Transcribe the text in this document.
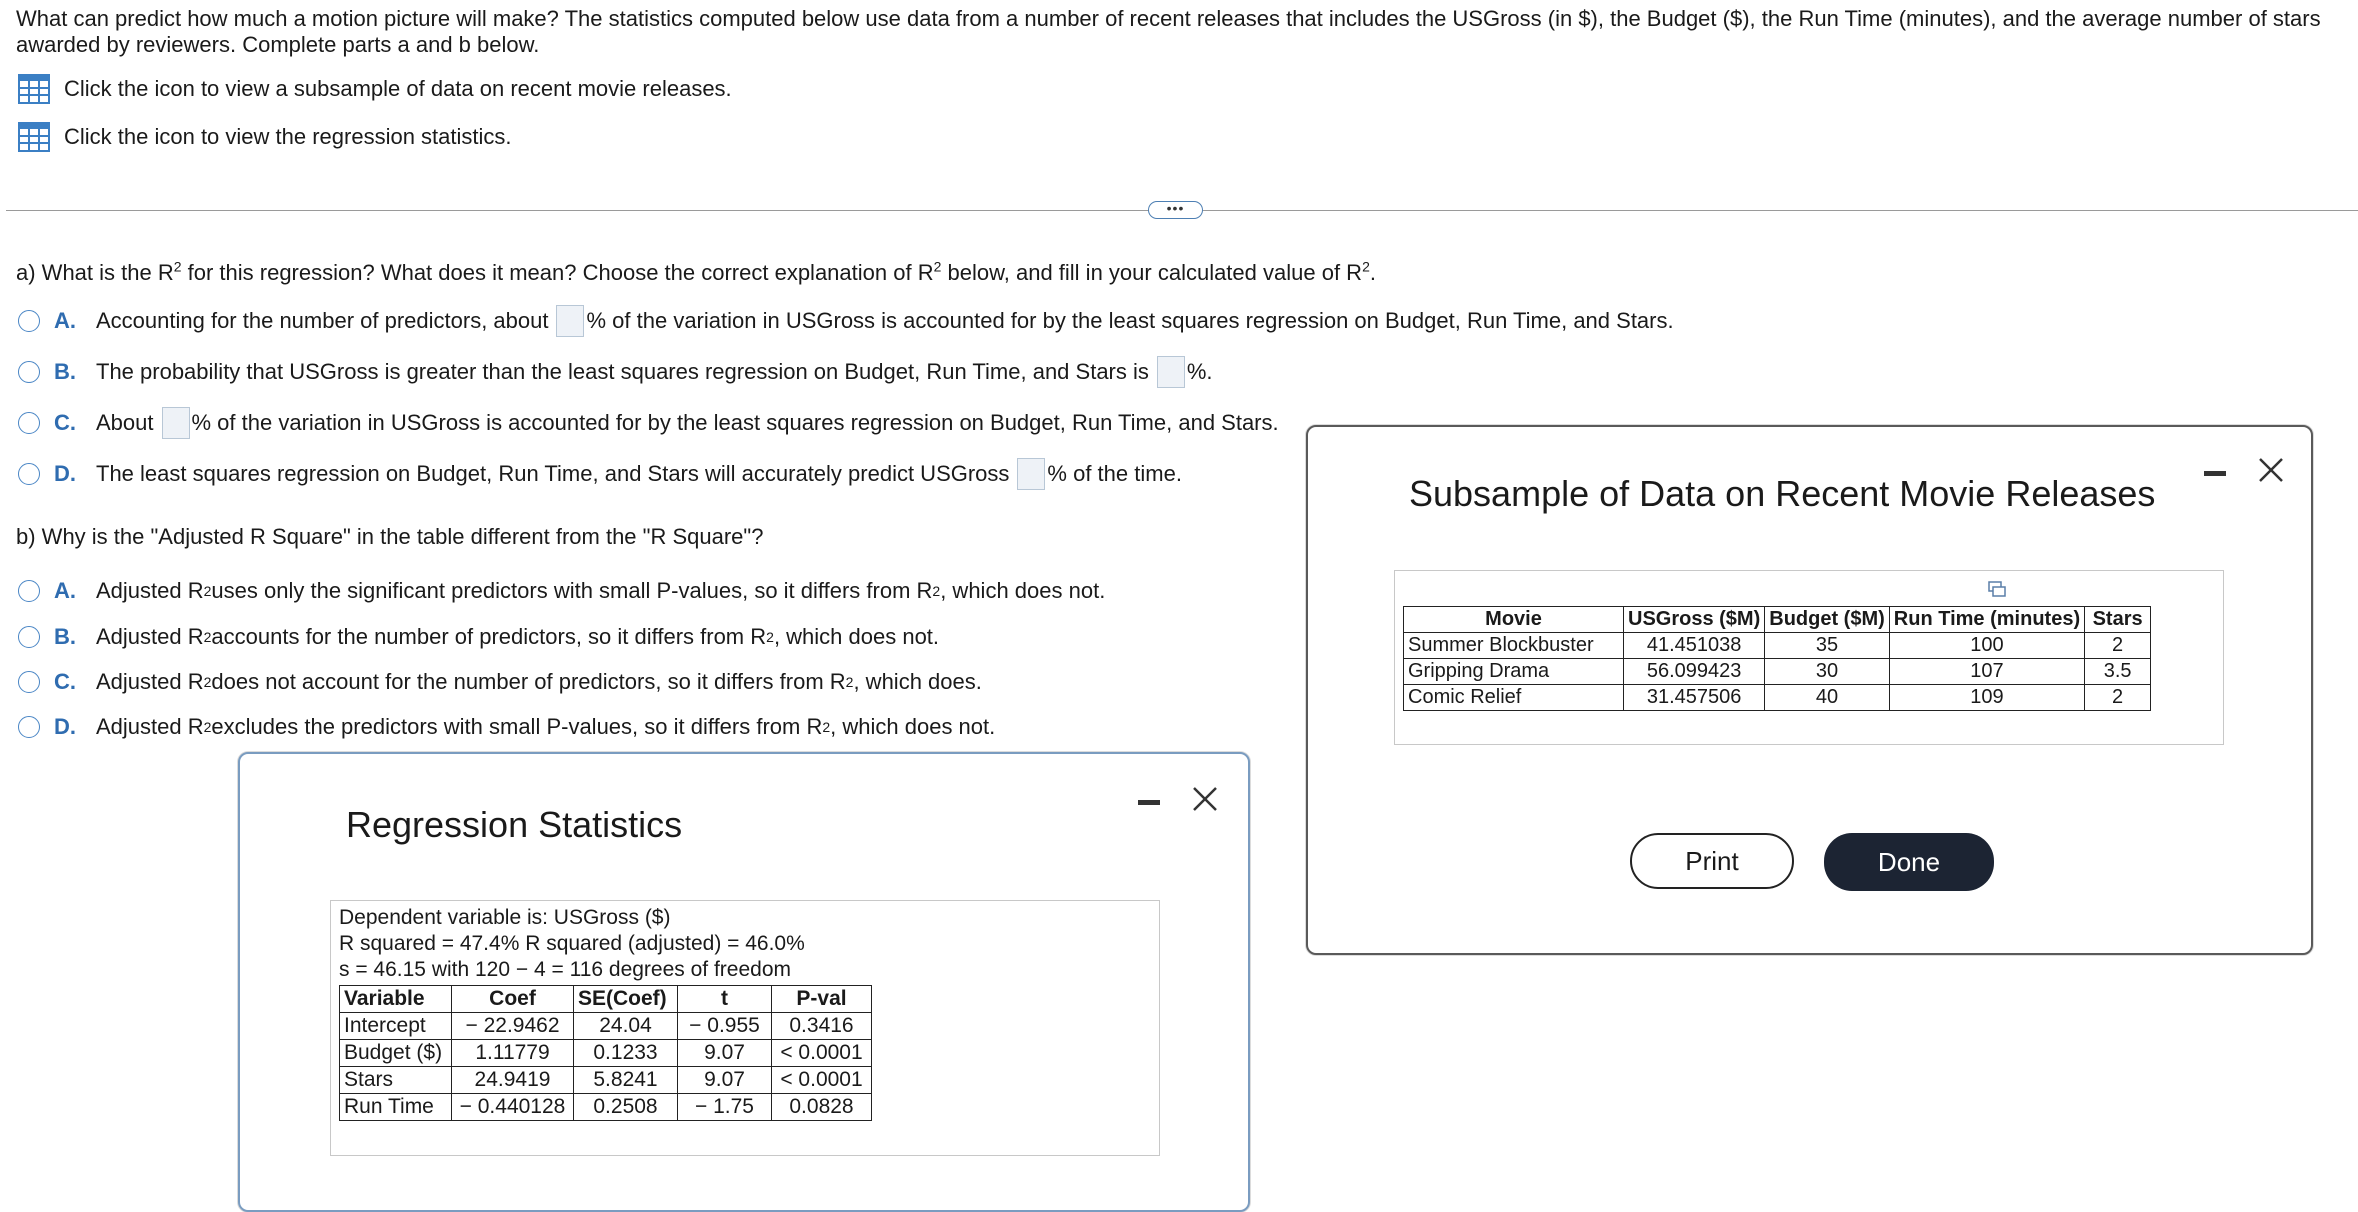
What can predict how much a motion picture will make? The statistics computed below use data from a number of recent releases that includes the USGross (in $), the Budget ($), the Run Time (minutes), and the average number of stars
awarded by reviewers. Complete parts a and b below.
Click the icon to view a subsample of data on recent movie releases.
Click the icon to view the regression statistics.
•••
a) What is the $R^2$ for this regression? What does it mean? Choose the correct explanation of $R^2$ below, and fill in your calculated value of $R^2$.
A. Accounting for the number of predictors, about % of the variation in USGross is accounted for by the least squares regression on Budget, Run Time, and Stars.
B. The probability that USGross is greater than the least squares regression on Budget, Run Time, and Stars is %.
C. About % of the variation in USGross is accounted for by the least squares regression on Budget, Run Time, and Stars.
D. The least squares regression on Budget, Run Time, and Stars will accurately predict USGross % of the time.
b) Why is the "Adjusted R Square" in the table different from the "R Square"?
A. Adjusted R 2 uses only the significant predictors with small P-values, so it differs from R 2 , which does not.
B. Adjusted R 2 accounts for the number of predictors, so it differs from R 2 , which does not.
C. Adjusted R 2 does not account for the number of predictors, so it differs from R 2 , which does.
D. Adjusted R 2 excludes the predictors with small P-values, so it differs from R 2 , which does not.
Subsample of Data on Recent Movie Releases
Movie	USGross ($M)	Budget ($M)	Run Time (minutes)	Stars
Summer Blockbuster	41.451038	35	100	2
Gripping Drama	56.099423	30	107	3.5
Comic Relief	31.457506	40	109	2
Print	Done
Regression Statistics
Dependent variable is: USGross ($)
R squared = 47.4% R squared (adjusted) = 46.0%
s = 46.15 with 120 − 4 = 116 degrees of freedom
Variable	Coef	SE(Coef)	t	P-val
Intercept	− 22.9462	24.04	− 0.955	0.3416
Budget ($)	1.11779	0.1233	9.07	< 0.0001
Stars	24.9419	5.8241	9.07	< 0.0001
Run Time	− 0.440128	0.2508	− 1.75	0.0828
